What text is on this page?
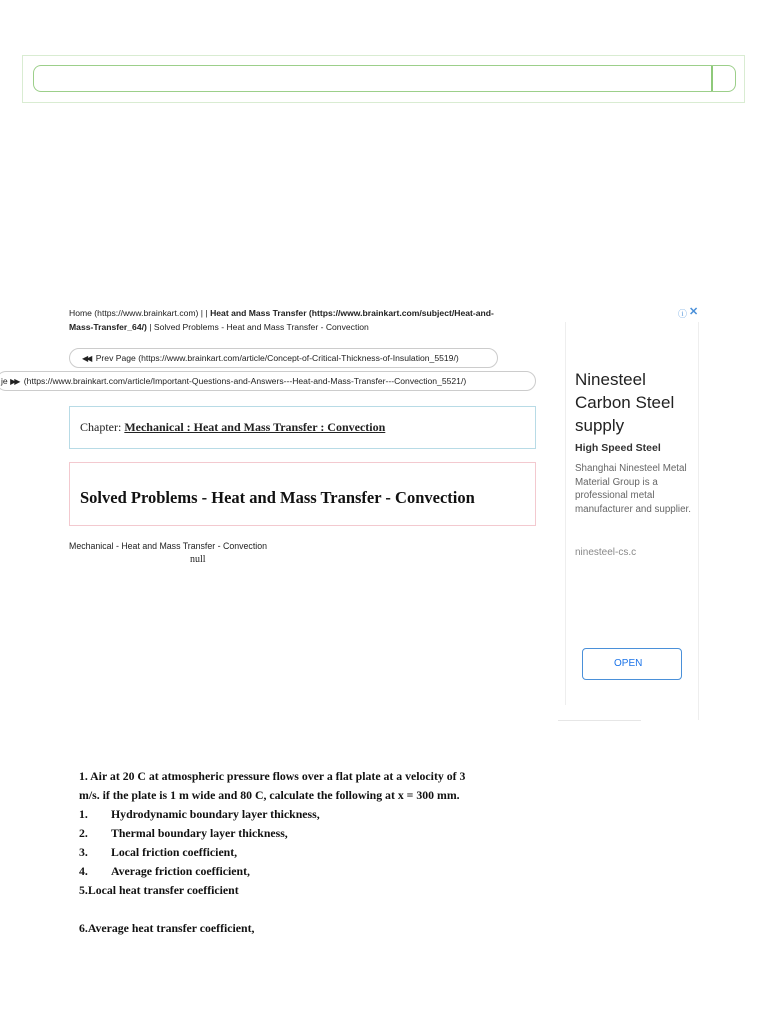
Home (https://www.brainkart.com) | | Heat and Mass Transfer (https://www.brainkart.com/subject/Heat-and-
Mass-Transfer_64/) | Solved Problems - Heat and Mass Transfer - Convection
◀◀ Prev Page (https://www.brainkart.com/article/Concept-of-Critical-Thickness-of-Insulation_5519/)
je ▶▶ (https://www.brainkart.com/article/Important-Questions-and-Answers---Heat-and-Mass-Transfer---Convection_5521/)
Chapter: Mechanical : Heat and Mass Transfer : Convection
Solved Problems - Heat and Mass Transfer - Convection
Mechanical - Heat and Mass Transfer - Convection
null
ⓘ ✕
Ninesteel Carbon Steel supply
High Speed Steel
Shanghai Ninesteel Metal Material Group is a professional metal manufacturer and supplier.
ninesteel-cs.c
OPEN

1. Air at 20 C at atmospheric pressure flows over a flat plate at a velocity of 3

m/s. if the plate is 1 m wide and 80 C, calculate the following at x = 300 mm.

1.	Hydrodynamic boundary layer thickness,
2.	Thermal boundary layer thickness,
3.	Local friction coefficient,
4.	Average friction coefficient,
5.Local heat transfer coefficient
6.Average heat transfer coefficient,
